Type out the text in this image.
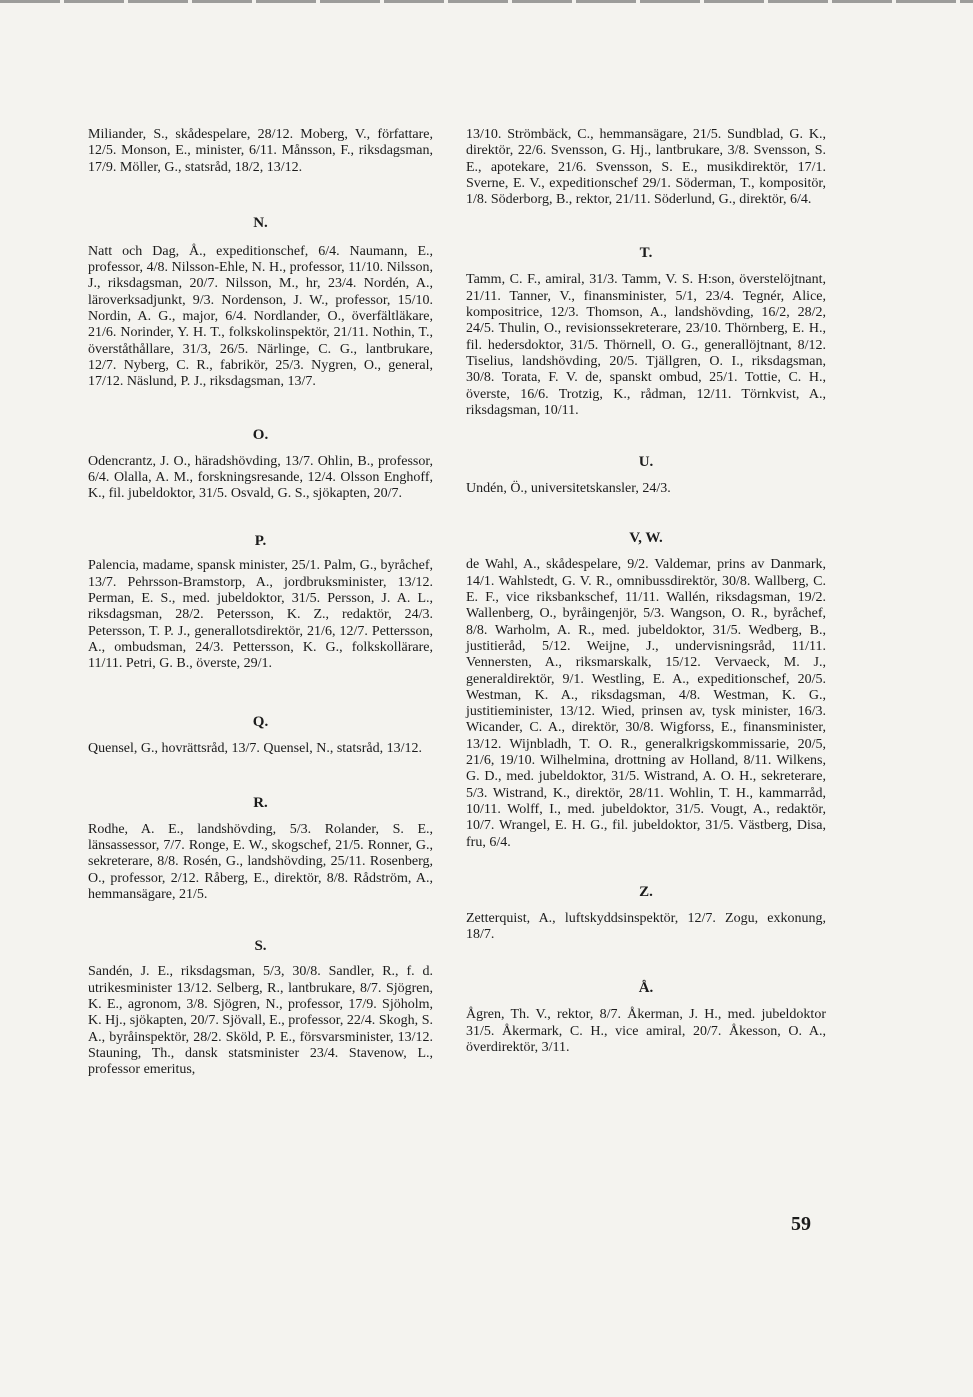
Miliander, S., skådespelare, 28/12. Moberg, V., författare, 12/5. Monson, E., minister, 6/11. Månsson, F., riksdagsman, 17/9. Möller, G., statsråd, 18/2, 13/12.

N.

Natt och Dag, Å., expeditionschef, 6/4. Naumann, E., professor, 4/8. Nilsson-Ehle, N. H., professor, 11/10. Nilsson, J., riksdagsman, 20/7. Nilsson, M., hr, 23/4. Nordén, A., läroverksadjunkt, 9/3. Nordenson, J. W., professor, 15/10. Nordin, A. G., major, 6/4. Nordlander, O., överfältläkare, 21/6. Norinder, Y. H. T., folkskolinspektör, 21/11. Nothin, T., överståthållare, 31/3, 26/5. Närlinge, C. G., lantbrukare, 12/7. Nyberg, C. R., fabrikör, 25/3. Nygren, O., general, 17/12. Näslund, P. J., riksdagsman, 13/7.

O.

Odencrantz, J. O., häradshövding, 13/7. Ohlin, B., professor, 6/4. Olalla, A. M., forskningsresande, 12/4. Olsson Enghoff, K., fil. jubeldoktor, 31/5. Osvald, G. S., sjökapten, 20/7.

P.

Palencia, madame, spansk minister, 25/1. Palm, G., byråchef, 13/7. Pehrsson-Bramstorp, A., jordbruksminister, 13/12. Perman, E. S., med. jubeldoktor, 31/5. Persson, J. A. L., riksdagsman, 28/2. Petersson, K. Z., redaktör, 24/3. Petersson, T. P. J., generallotsdirektör, 21/6, 12/7. Pettersson, A., ombudsman, 24/3. Pettersson, K. G., folkskollärare, 11/11. Petri, G. B., överste, 29/1.

Q.

Quensel, G., hovrättsråd, 13/7. Quensel, N., statsråd, 13/12.

R.

Rodhe, A. E., landshövding, 5/3. Rolander, S. E., länsassessor, 7/7. Ronge, E. W., skogschef, 21/5. Ronner, G., sekreterare, 8/8. Rosén, G., landshövding, 25/11. Rosenberg, O., professor, 2/12. Råberg, E., direktör, 8/8. Rådström, A., hemmansägare, 21/5.

S.

Sandén, J. E., riksdagsman, 5/3, 30/8. Sandler, R., f. d. utrikesminister 13/12. Selberg, R., lantbrukare, 8/7. Sjögren, K. E., agronom, 3/8. Sjögren, N., professor, 17/9. Sjöholm, K. Hj., sjökapten, 20/7. Sjövall, E., professor, 22/4. Skogh, S. A., byråinspektör, 28/2. Sköld, P. E., försvarsminister, 13/12. Stauning, Th., dansk statsminister 23/4. Stavenow, L., professor emeritus,

13/10. Strömbäck, C., hemmansägare, 21/5. Sundblad, G. K., direktör, 22/6. Svensson, G. Hj., lantbrukare, 3/8. Svensson, S. E., apotekare, 21/6. Svensson, S. E., musikdirektör, 17/1. Sverne, E. V., expeditionschef 29/1. Söderman, T., kompositör, 1/8. Söderborg, B., rektor, 21/11. Söderlund, G., direktör, 6/4.

T.

Tamm, C. F., amiral, 31/3. Tamm, V. S. H:son, överstelöjtnant, 21/11. Tanner, V., finansminister, 5/1, 23/4. Tegnér, Alice, kompositrice, 12/3. Thomson, A., landshövding, 16/2, 28/2, 24/5. Thulin, O., revisionssekreterare, 23/10. Thörnberg, E. H., fil. hedersdoktor, 31/5. Thörnell, O. G., generallöjtnant, 8/12. Tiselius, landshövding, 20/5. Tjällgren, O. I., riksdagsman, 30/8. Torata, F. V. de, spanskt ombud, 25/1. Tottie, C. H., överste, 16/6. Trotzig, K., rådman, 12/11. Törnkvist, A., riksdagsman, 10/11.

U.

Undén, Ö., universitetskansler, 24/3.

V, W.

de Wahl, A., skådespelare, 9/2. Valdemar, prins av Danmark, 14/1. Wahlstedt, G. V. R., omnibussdirektör, 30/8. Wallberg, C. E. F., vice riksbankschef, 11/11. Wallén, riksdagsman, 19/2. Wallenberg, O., byråingenjör, 5/3. Wangson, O. R., byråchef, 8/8. Warholm, A. R., med. jubeldoktor, 31/5. Wedberg, B., justitieråd, 5/12. Weijne, J., undervisningsråd, 11/11. Vennersten, A., riksmarskalk, 15/12. Vervaeck, M. J., generaldirektör, 9/1. Westling, E. A., expeditionschef, 20/5. Westman, K. A., riksdagsman, 4/8. Westman, K. G., justitieminister, 13/12. Wied, prinsen av, tysk minister, 16/3. Wicander, C. A., direktör, 30/8. Wigforss, E., finansminister, 13/12. Wijnbladh, T. O. R., generalkrigskommissarie, 20/5, 21/6, 19/10. Wilhelmina, drottning av Holland, 8/11. Wilkens, G. D., med. jubeldoktor, 31/5. Wistrand, A. O. H., sekreterare, 5/3. Wistrand, K., direktör, 28/11. Wohlin, T. H., kammarråd, 10/11. Wolff, I., med. jubeldoktor, 31/5. Vougt, A., redaktör, 10/7. Wrangel, E. H. G., fil. jubeldoktor, 31/5. Västberg, Disa, fru, 6/4.

Z.

Zetterquist, A., luftskyddsinspektör, 12/7. Zogu, exkonung, 18/7.

Å.

Ågren, Th. V., rektor, 8/7. Åkerman, J. H., med. jubeldoktor 31/5. Åkermark, C. H., vice amiral, 20/7. Åkesson, O. A., överdirektör, 3/11.

59
